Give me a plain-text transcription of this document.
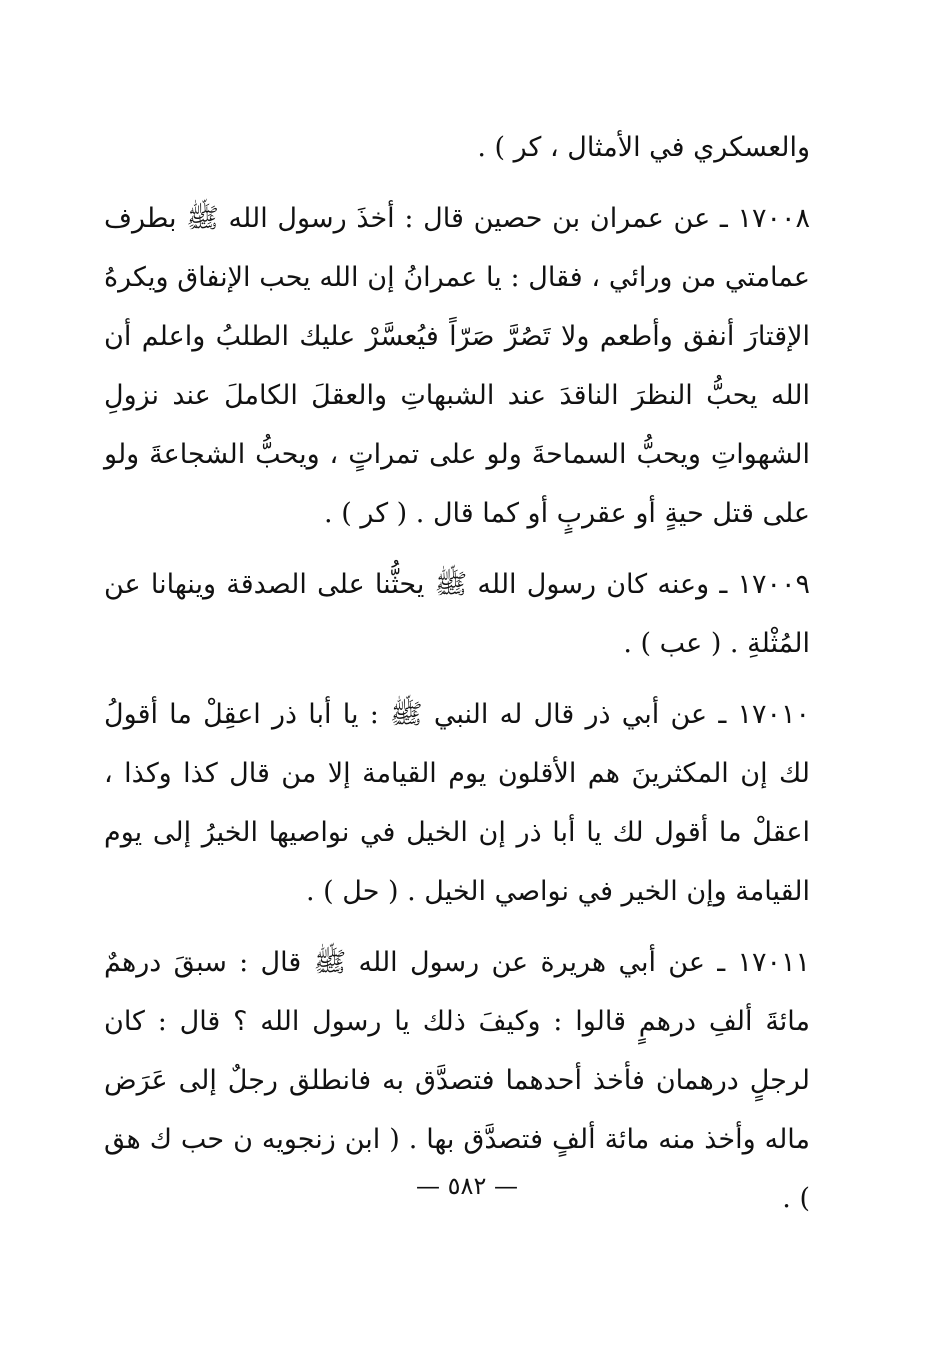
والعسكري في الأمثال ، كر ) .

١٧٠٠٨ ـ عن عمران بن حصين قال : أخذَ رسول الله ﷺ بطرف عمامتي من ورائي ، فقال : يا عمرانُ إن الله يحب الإنفاق ويكرهُ الإقتارَ أنفق وأطعم ولا تَصُرَّ صَرّاً فيُعسَّرْ عليك الطلبُ واعلم أن الله يحبُّ النظرَ الناقدَ عند الشبهاتِ والعقلَ الكاملَ عند نزولِ الشهواتِ ويحبُّ السماحةَ ولو على تمراتٍ ، ويحبُّ الشجاعةَ ولو على قتل حيةٍ أو عقربٍ أو كما قال . ( كر ) .

١٧٠٠٩ ـ وعنه كان رسول الله ﷺ يحثُّنا على الصدقة وينهانا عن المُثْلةِ . ( عب ) .

١٧٠١٠ ـ عن أبي ذر قال له النبي ﷺ : يا أبا ذر اعقِلْ ما أقولُ لك إن المكثرينَ هم الأقلون يوم القيامة إلا من قال كذا وكذا ، اعقلْ ما أقول لك يا أبا ذر إن الخيل في نواصيها الخيرُ إلى يوم القيامة وإن الخير في نواصي الخيل . ( حل ) .

١٧٠١١ ـ عن أبي هريرة عن رسول الله ﷺ قال : سبقَ درهمٌ مائةَ ألفِ درهمٍ قالوا : وكيفَ ذلك يا رسول الله ؟ قال : كان لرجلٍ درهمان فأخذ أحدهما فتصدَّق به فانطلق رجلٌ إلى عَرَض ماله وأخذ منه مائة ألفٍ فتصدَّق بها . ( ابن زنجويه ن حب ك هق ) .

— ٥٨٢ —
